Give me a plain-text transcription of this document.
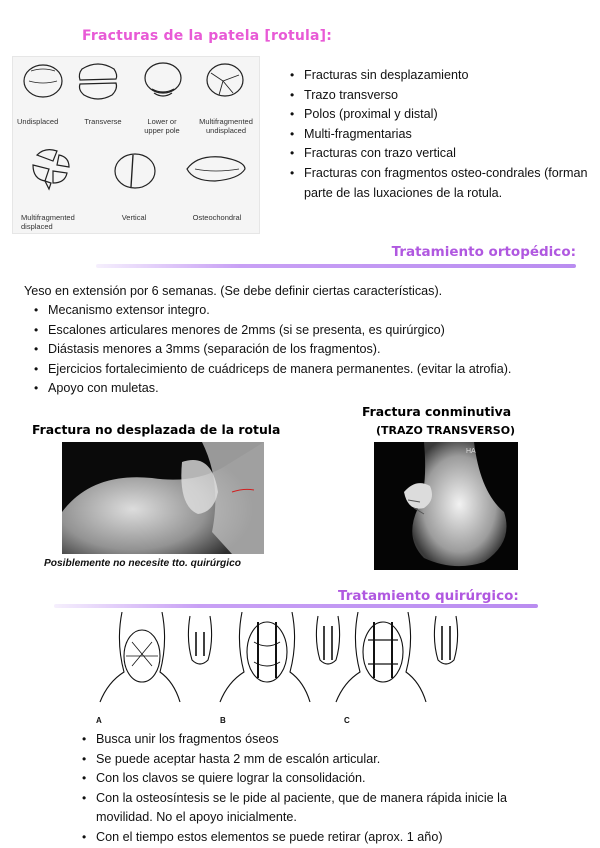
Fracturas de la patela [rotula]:
Undisplaced	Transverse	Lower or upper pole
Multifragmented undisplaced
Multifragmented displaced
Vertical	Osteochondral
• Fracturas sin desplazamiento
• Trazo transverso
• Polos (proximal y distal)
• Multi-fragmentarias
• Fracturas con trazo vertical
• Fracturas con fragmentos osteo-condrales (forman parte de las luxaciones de la rotula.
Tratamiento ortopédico:
Yeso en extensión por 6 semanas. (Se debe definir ciertas características).
• Mecanismo extensor integro.
• Escalones articulares menores de 2mms (si se presenta, es quirúrgico)
• Diástasis menores a 3mms (separación de los fragmentos).
• Ejercicios fortalecimiento de cuádriceps de manera permanentes. (evitar la atrofia).
• Apoyo con muletas.
Fractura no desplazada de la rotula
Posiblemente no necesite tto. quirúrgico
Fractura conminutiva
(TRAZO TRANSVERSO)
HA
Tratamiento quirúrgico:
A	B	C
• Busca unir los fragmentos óseos
• Se puede aceptar hasta 2 mm de escalón articular.
• Con los clavos se quiere lograr la consolidación.
• Con la osteosíntesis se le pide al paciente, que de manera rápida inicie la movilidad. No el apoyo inicialmente.
• Con el tiempo estos elementos se puede retirar (aprox. 1 año)
